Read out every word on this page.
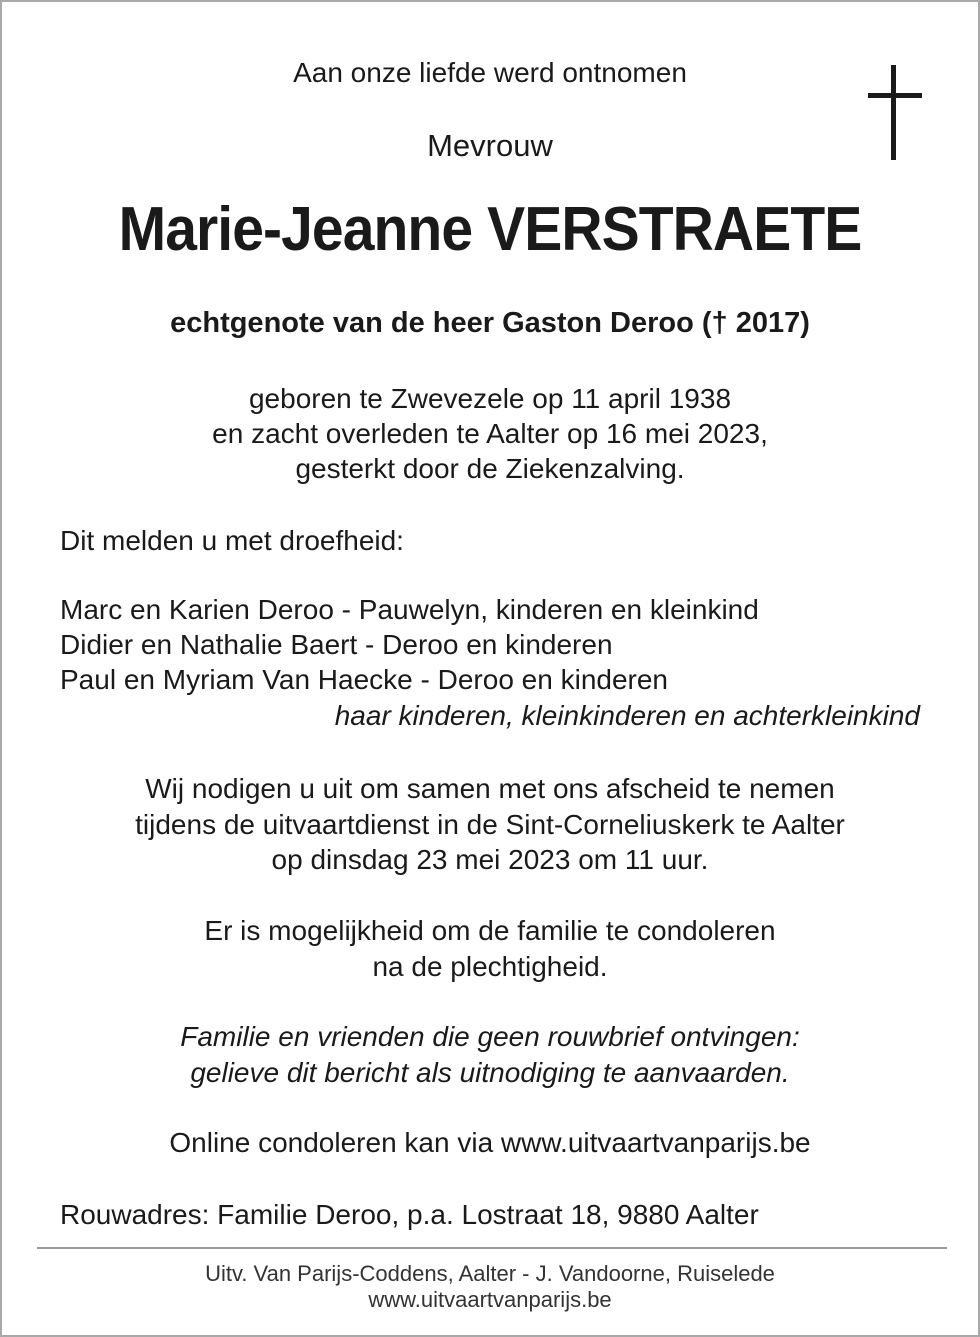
Aan onze liefde werd ontnomen
Mevrouw
Marie-Jeanne VERSTRAETE
echtgenote van de heer Gaston Deroo († 2017)
geboren te Zwevezele op 11 april 1938
en zacht overleden te Aalter op 16 mei 2023,
gesterkt door de Ziekenzalving.
Dit melden u met droefheid:
Marc en Karien Deroo - Pauwelyn, kinderen en kleinkind
Didier en Nathalie Baert - Deroo en kinderen
Paul en Myriam Van Haecke - Deroo en kinderen
haar kinderen, kleinkinderen en achterkleinkind
Wij nodigen u uit om samen met ons afscheid te nemen
tijdens de uitvaartdienst in de Sint-Corneliuskerk te Aalter
op dinsdag 23 mei 2023 om 11 uur.
Er is mogelijkheid om de familie te condoleren
na de plechtigheid.
Familie en vrienden die geen rouwbrief ontvingen:
gelieve dit bericht als uitnodiging te aanvaarden.
Online condoleren kan via www.uitvaartvanparijs.be
Rouwadres: Familie Deroo, p.a. Lostraat 18, 9880 Aalter
Uitv. Van Parijs-Coddens, Aalter - J. Vandoorne, Ruiselede
www.uitvaartvanparijs.be
